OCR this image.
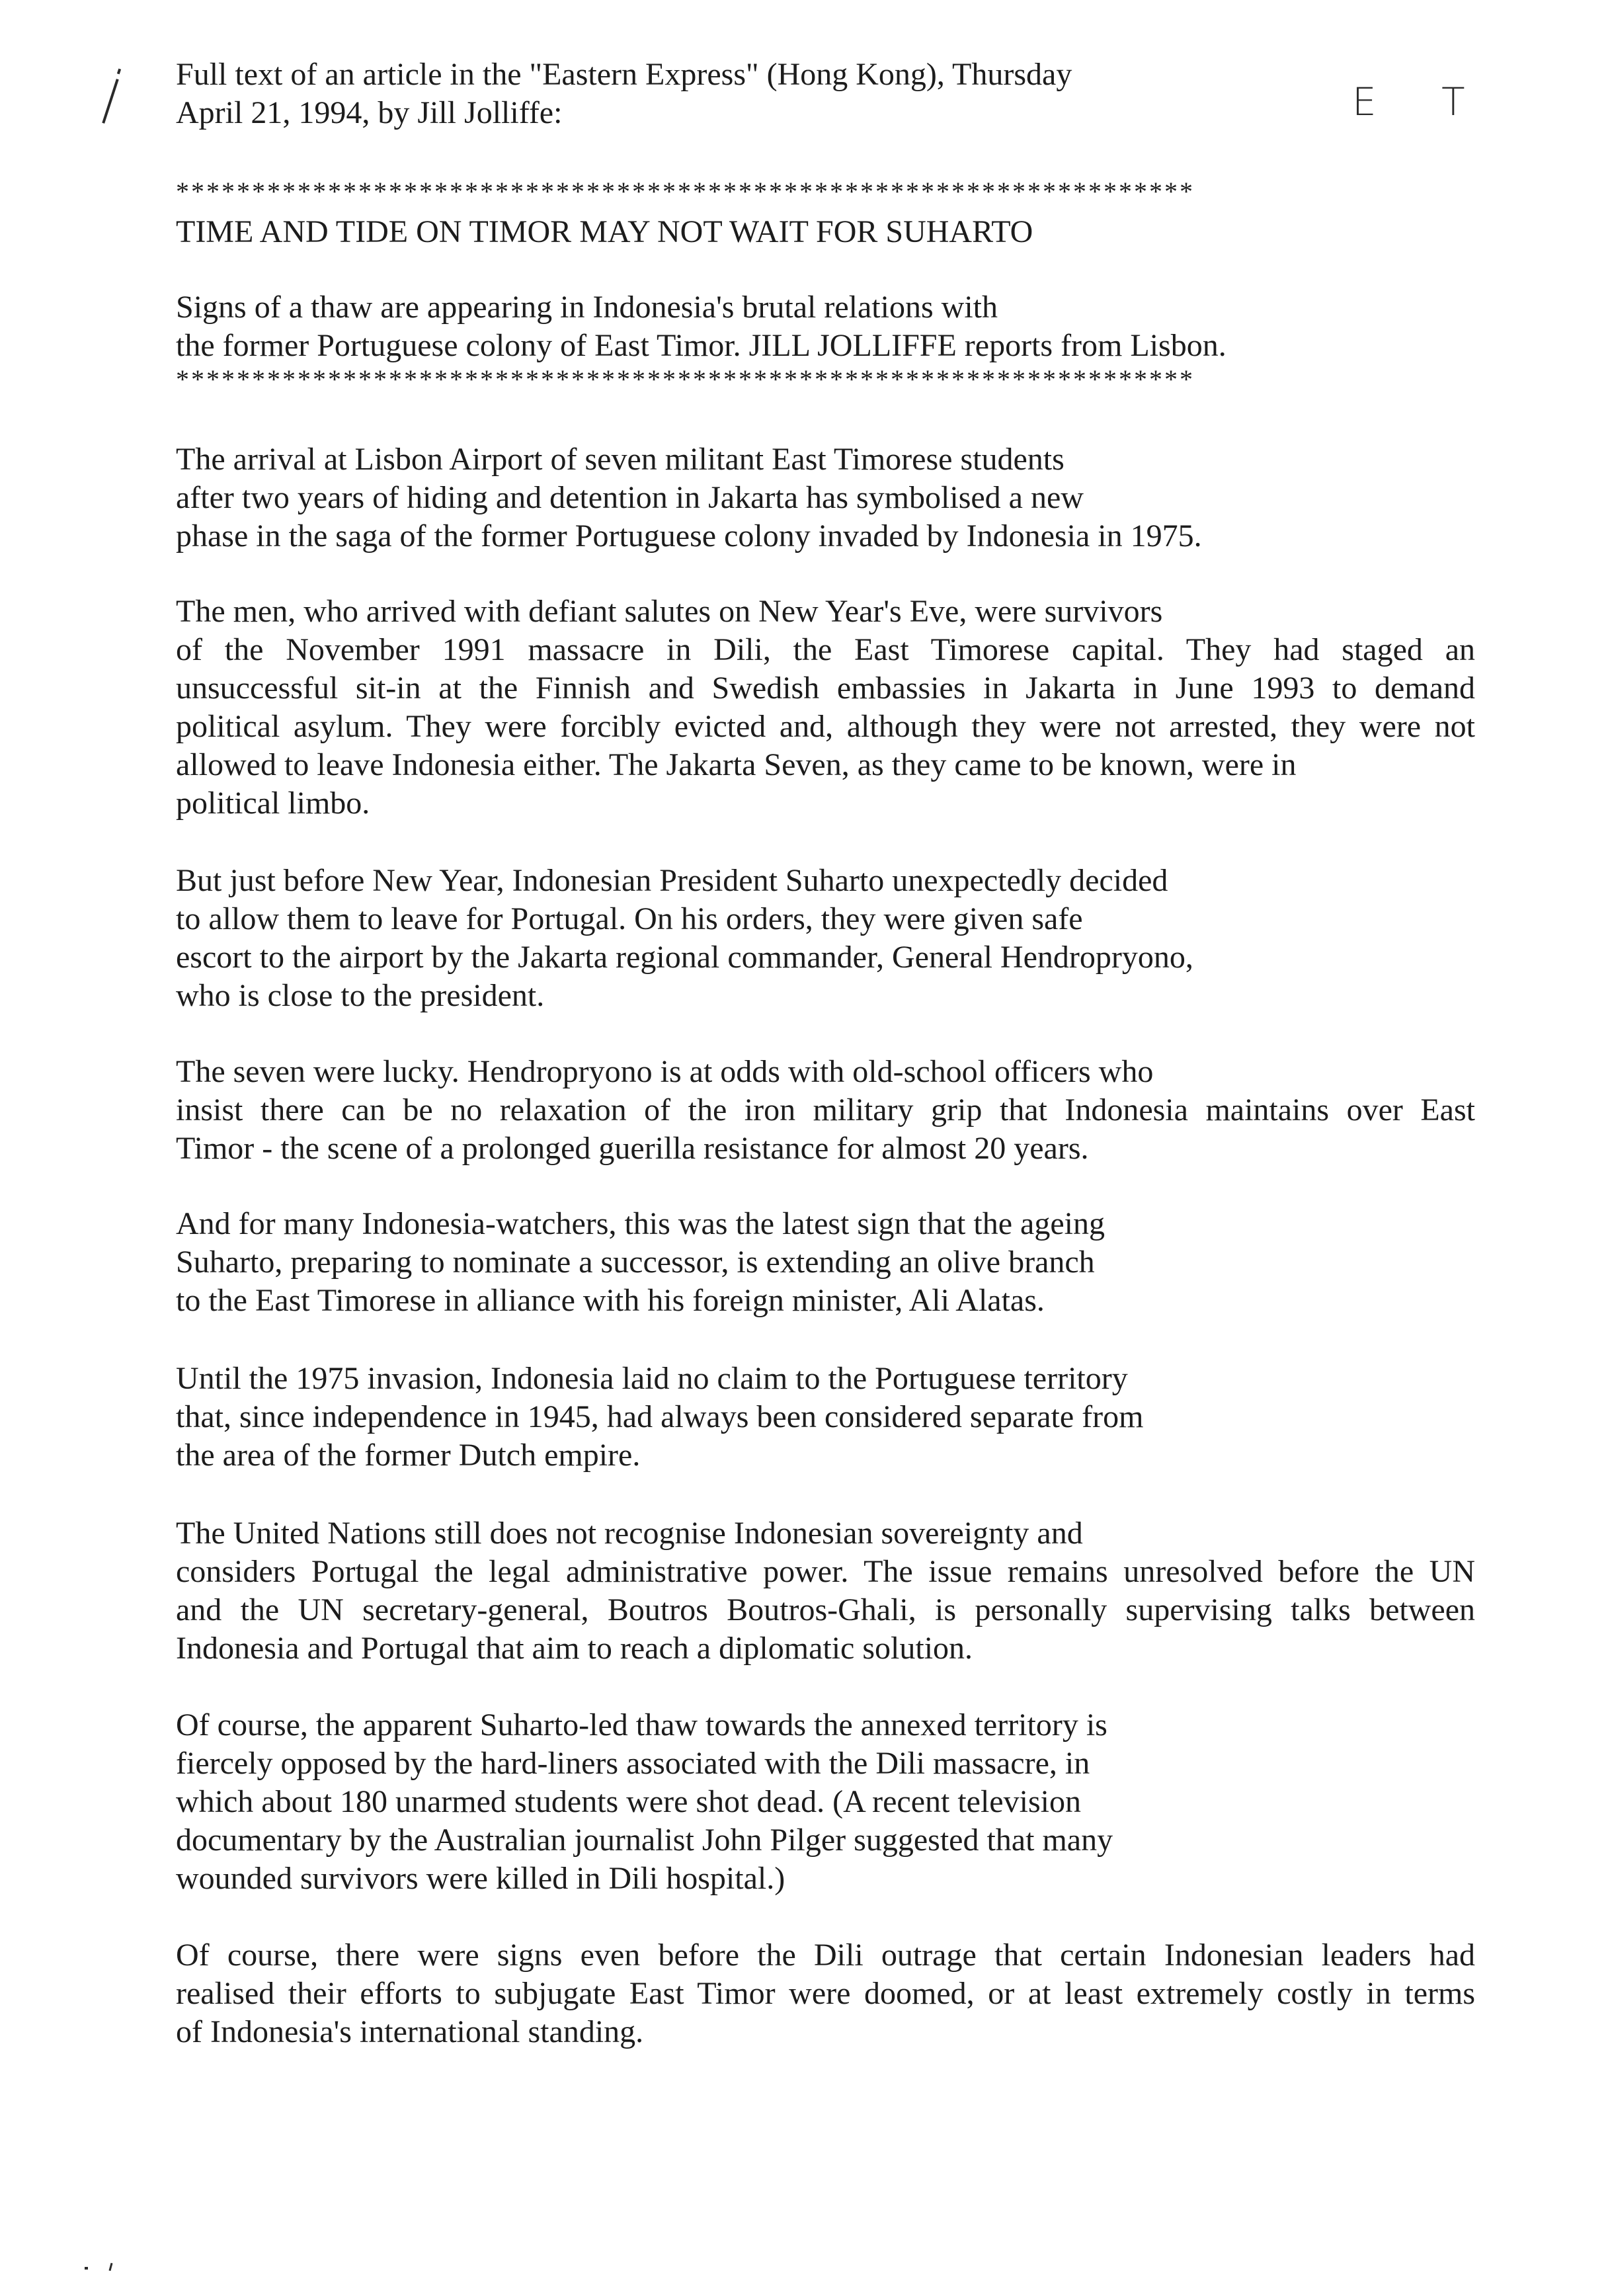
Full text of an article in the "Eastern Express" (Hong Kong), Thursday
April 21, 1994, by Jill Jolliffe:	E T
*******************************************************************
TIME AND TIDE ON TIMOR MAY NOT WAIT FOR SUHARTO
Signs of a thaw are appearing in Indonesia's brutal relations with
the former Portuguese colony of East Timor. JILL JOLLIFFE reports from Lisbon.
*******************************************************************
The arrival at Lisbon Airport of seven militant East Timorese students
after two years of hiding and detention in Jakarta has symbolised a new
phase in the saga of the former Portuguese colony invaded by Indonesia in 1975.
The men, who arrived with defiant salutes on New Year's Eve, were survivors
of the November 1991 massacre in Dili, the East Timorese capital. They had staged an
unsuccessful sit-in at the Finnish and Swedish embassies in Jakarta in June 1993 to demand
political asylum. They were forcibly evicted and, although they were not arrested, they were not
allowed to leave Indonesia either. The Jakarta Seven, as they came to be known, were in
political limbo.
But just before New Year, Indonesian President Suharto unexpectedly decided
to allow them to leave for Portugal. On his orders, they were given safe
escort to the airport by the Jakarta regional commander, General Hendropryono,
who is close to the president.
The seven were lucky. Hendropryono is at odds with old-school officers who
insist there can be no relaxation of the iron military grip that Indonesia maintains over East
Timor - the scene of a prolonged guerilla resistance for almost 20 years.
And for many Indonesia-watchers, this was the latest sign that the ageing
Suharto, preparing to nominate a successor, is extending an olive branch
to the East Timorese in alliance with his foreign minister, Ali Alatas.
Until the 1975 invasion, Indonesia laid no claim to the Portuguese territory
that, since independence in 1945, had always been considered separate from
the area of the former Dutch empire.
The United Nations still does not recognise Indonesian sovereignty and
considers Portugal the legal administrative power. The issue remains unresolved before the UN
and the UN secretary-general, Boutros Boutros-Ghali, is personally supervising talks between
Indonesia and Portugal that aim to reach a diplomatic solution.
Of course, the apparent Suharto-led thaw towards the annexed territory is
fiercely opposed by the hard-liners associated with the Dili massacre, in
which about 180 unarmed students were shot dead. (A recent television
documentary by the Australian journalist John Pilger suggested that many
wounded survivors were killed in Dili hospital.)
Of course, there were signs even before the Dili outrage that certain Indonesian leaders had
realised their efforts to subjugate East Timor were doomed, or at least extremely costly in terms
of Indonesia's international standing.
